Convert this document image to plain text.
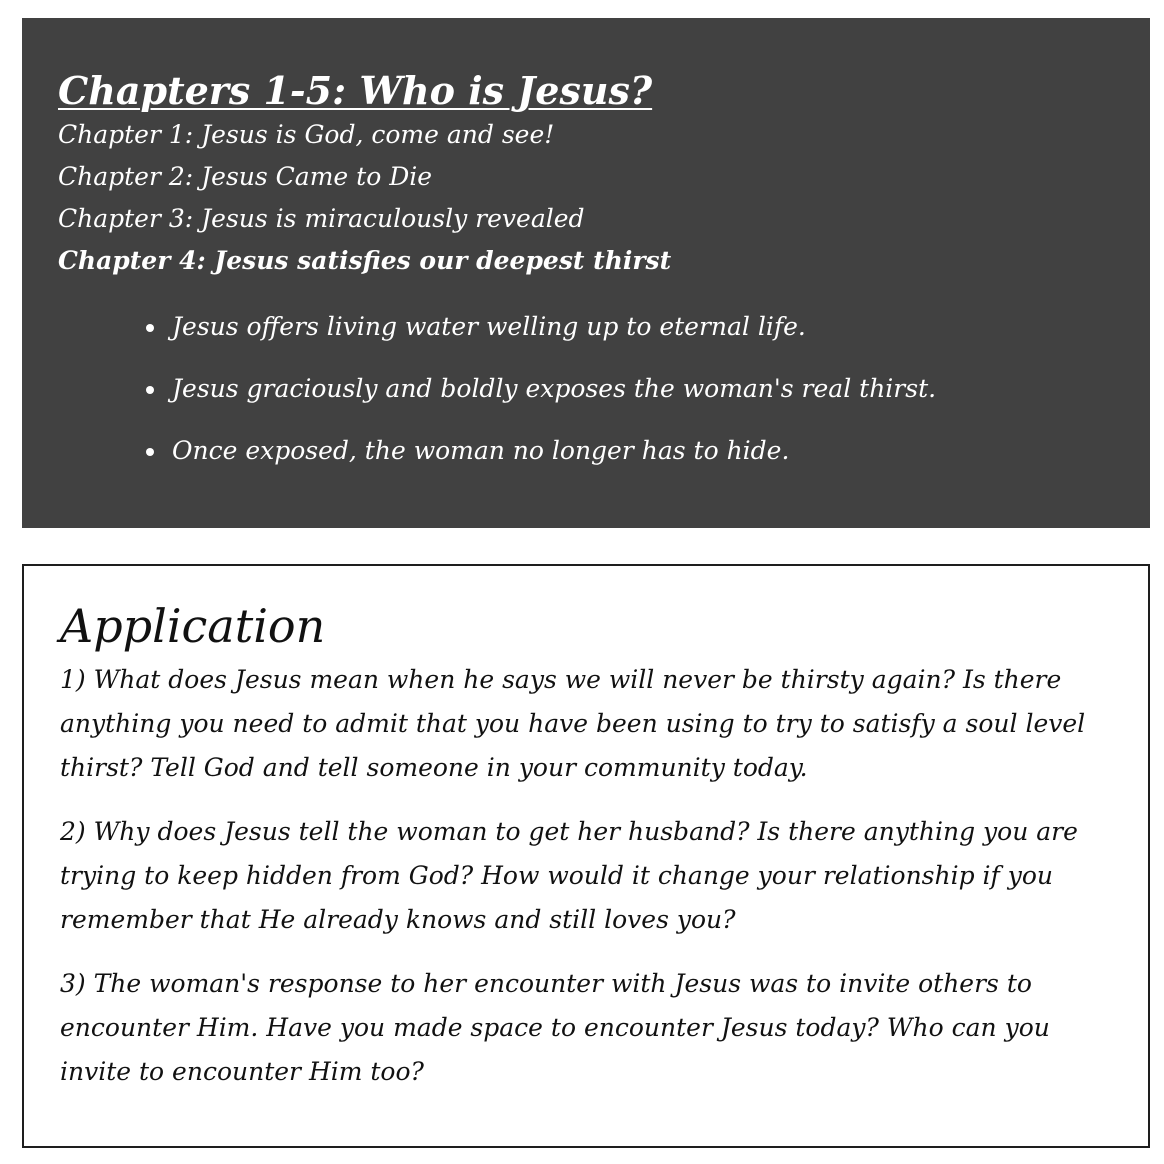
Chapters 1-5: Who is Jesus?
Chapter 1: Jesus is God, come and see!
Chapter 2: Jesus Came to Die
Chapter 3: Jesus is miraculously revealed
Chapter 4: Jesus satisfies our deepest thirst
• Jesus offers living water welling up to eternal life.
• Jesus graciously and boldly exposes the woman's real thirst.
• Once exposed, the woman no longer has to hide.
Application

1) What does Jesus mean when he says we will never be thirsty again? Is there anything you need to admit that you have been using to try to satisfy a soul level thirst? Tell God and tell someone in your community today.

2) Why does Jesus tell the woman to get her husband? Is there anything you are trying to keep hidden from God? How would it change your relationship if you remember that He already knows and still loves you?

3) The woman's response to her encounter with Jesus was to invite others to encounter Him. Have you made space to encounter Jesus today? Who can you invite to encounter Him too?
